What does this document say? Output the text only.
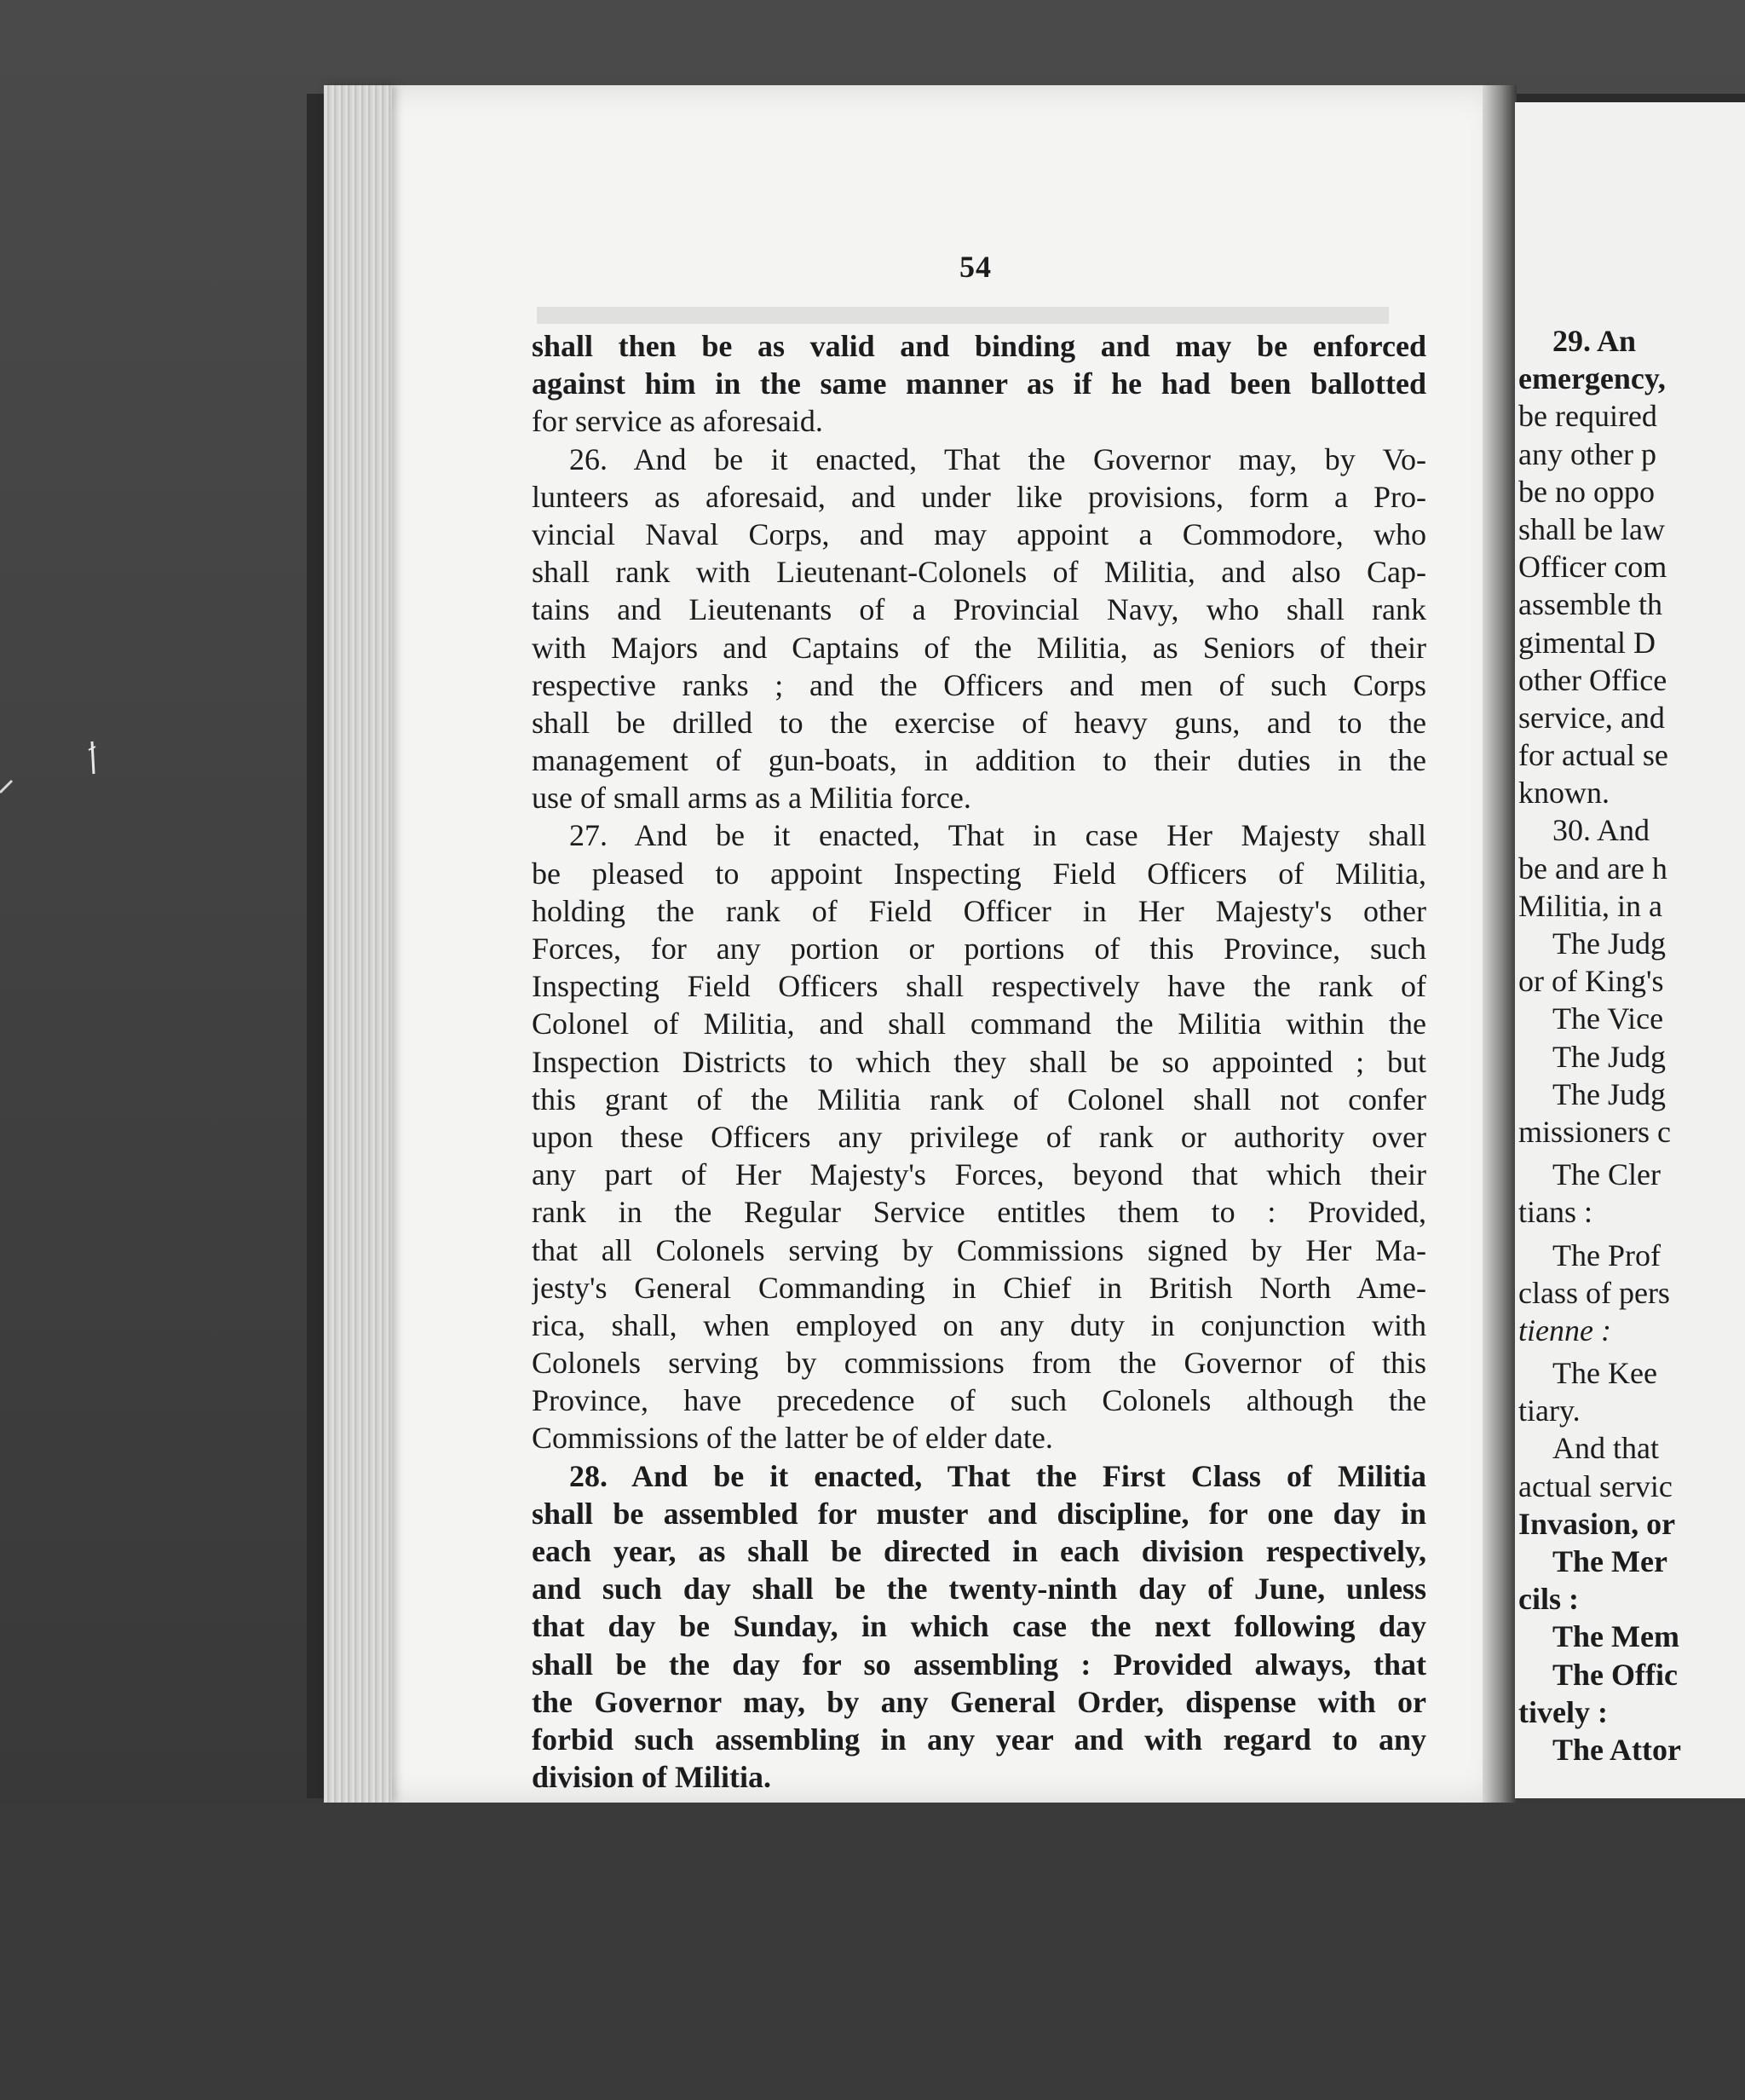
54
shall then be as valid and binding and may be enforced
against him in the same manner as if he had been ballotted
for service as aforesaid.
26. And be it enacted, That the Governor may, by Vo-
lunteers as aforesaid, and under like provisions, form a Pro-
vincial Naval Corps, and may appoint a Commodore, who
shall rank with Lieutenant-Colonels of Militia, and also Cap-
tains and Lieutenants of a Provincial Navy, who shall rank
with Majors and Captains of the Militia, as Seniors of their
respective ranks ; and the Officers and men of such Corps
shall be drilled to the exercise of heavy guns, and to the
management of gun-boats, in addition to their duties in the
use of small arms as a Militia force.
27. And be it enacted, That in case Her Majesty shall
be pleased to appoint Inspecting Field Officers of Militia,
holding the rank of Field Officer in Her Majesty's other
Forces, for any portion or portions of this Province, such
Inspecting Field Officers shall respectively have the rank of
Colonel of Militia, and shall command the Militia within the
Inspection Districts to which they shall be so appointed ; but
this grant of the Militia rank of Colonel shall not confer
upon these Officers any privilege of rank or authority over
any part of Her Majesty's Forces, beyond that which their
rank in the Regular Service entitles them to : Provided,
that all Colonels serving by Commissions signed by Her Ma-
jesty's General Commanding in Chief in British North Ame-
rica, shall, when employed on any duty in conjunction with
Colonels serving by commissions from the Governor of this
Province, have precedence of such Colonels although the
Commissions of the latter be of elder date.
28. And be it enacted, That the First Class of Militia
shall be assembled for muster and discipline, for one day in
each year, as shall be directed in each division respectively,
and such day shall be the twenty-ninth day of June, unless
that day be Sunday, in which case the next following day
shall be the day for so assembling : Provided always, that
the Governor may, by any General Order, dispense with or
forbid such assembling in any year and with regard to any
division of Militia.
29. An
emergency,
be required
any other p
be no oppo
shall be law
Officer com
assemble th
gimental D
other Office
service, and
for actual se
known.
30. And
be and are h
Militia, in a
The Judg
or of King's
The Vice
The Judg
The Judg
missioners c
The Cler
tians :
The Prof
class of pers
tienne :
The Kee
tiary.
And that
actual servic
Invasion, or
The Mer
cils :
The Mem
The Offic
tively :
The Attor
